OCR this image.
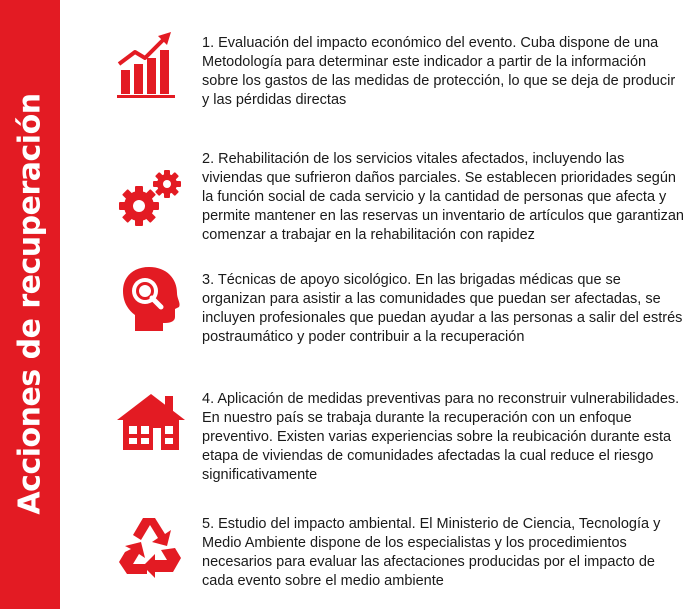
Acciones de recuperación

1. Evaluación del impacto económico del evento. Cuba dispone de una Metodología para determinar este indicador a partir de la información sobre los gastos de las medidas de protección, lo que se deja de producir y las pérdidas directas

2. Rehabilitación de los servicios vitales afectados, incluyendo las viviendas que sufrieron daños parciales. Se establecen prioridades según la función social de cada servicio y la cantidad de personas que afecta y permite mantener en las reservas un inventario de artículos que garantizan comenzar a trabajar en la rehabilitación con rapidez

3. Técnicas de apoyo sicológico. En las brigadas médicas que se organizan para asistir a las comunidades que puedan ser afectadas, se incluyen profesionales que puedan ayudar a las personas a salir del estrés postraumático y poder contribuir a la recuperación

4. Aplicación de medidas preventivas para no reconstruir vulnerabilidades. En nuestro país se trabaja durante la recuperación con un enfoque preventivo. Existen varias experiencias sobre la reubicación durante esta etapa de viviendas de comunidades afectadas la cual reduce el riesgo significativamente

5. Estudio del impacto ambiental. El Ministerio de Ciencia, Tecnología y Medio Ambiente dispone de los especialistas y los procedimientos necesarios para evaluar las afectaciones producidas por el impacto de cada evento sobre el medio ambiente
